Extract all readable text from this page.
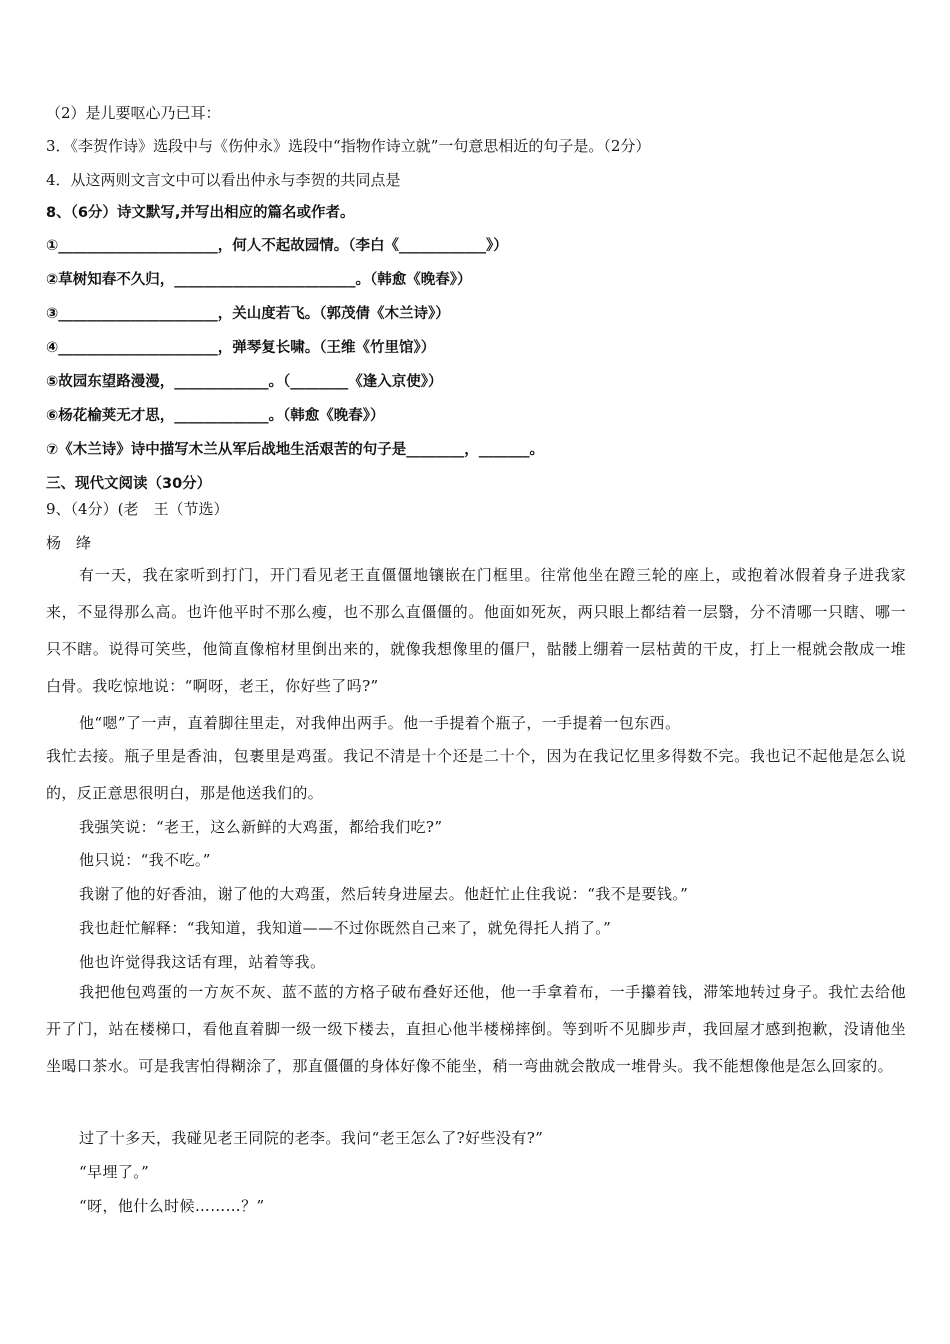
（2）是儿要呕心乃已耳：
3．《李贺作诗》选段中与《伤仲永》选段中“指物作诗立就”一句意思相近的句子是。（2分）
4．从这两则文言文中可以看出仲永与李贺的共同点是
8、（6分）诗文默写,并写出相应的篇名或作者。
①______________________，何人不起故园情。（李白《____________》）
②草树知春不久归，_________________________。（韩愈《晚春》）
③______________________，关山度若飞。（郭茂倩《木兰诗》）
④______________________，弹琴复长啸。（王维《竹里馆》）
⑤故园东望路漫漫，_____________。（________《逢入京使》）
⑥杨花榆荚无才思，_____________。（韩愈《晚春》）
⑦《木兰诗》诗中描写木兰从军后战地生活艰苦的句子是________，_______。
三、现代文阅读（30分）
9、（4分）(老　王（节选）
杨　绛
有一天，我在家听到打门，开门看见老王直僵僵地镶嵌在门框里。往常他坐在蹬三轮的座上，或抱着冰假着身子进我家来，不显得那么高。也许他平时不那么瘦，也不那么直僵僵的。他面如死灰，两只眼上都结着一层翳，分不清哪一只瞎、哪一只不瞎。说得可笑些，他简直像棺材里倒出来的，就像我想像里的僵尸，骷髅上绷着一层枯黄的干皮，打上一棍就会散成一堆白骨。我吃惊地说：“啊呀，老王，你好些了吗?”
他“嗯”了一声，直着脚往里走，对我伸出两手。他一手提着个瓶子，一手提着一包东西。
我忙去接。瓶子里是香油，包裹里是鸡蛋。我记不清是十个还是二十个，因为在我记忆里多得数不完。我也记不起他是怎么说的，反正意思很明白，那是他送我们的。
我强笑说：“老王，这么新鲜的大鸡蛋，都给我们吃?”
他只说：“我不吃。”
我谢了他的好香油，谢了他的大鸡蛋，然后转身进屋去。他赶忙止住我说：“我不是要钱。”
我也赶忙解释：“我知道，我知道——不过你既然自己来了，就免得托人捎了。”
他也许觉得我这话有理，站着等我。
我把他包鸡蛋的一方灰不灰、蓝不蓝的方格子破布叠好还他，他一手拿着布，一手攥着钱，滞笨地转过身子。我忙去给他开了门，站在楼梯口，看他直着脚一级一级下楼去，直担心他半楼梯摔倒。等到听不见脚步声，我回屋才感到抱歉，没请他坐坐喝口茶水。可是我害怕得糊涂了，那直僵僵的身体好像不能坐，稍一弯曲就会散成一堆骨头。我不能想像他是怎么回家的。
过了十多天，我碰见老王同院的老李。我问“老王怎么了?好些没有?”
“早埋了。”
“呀，他什么时候………？”
